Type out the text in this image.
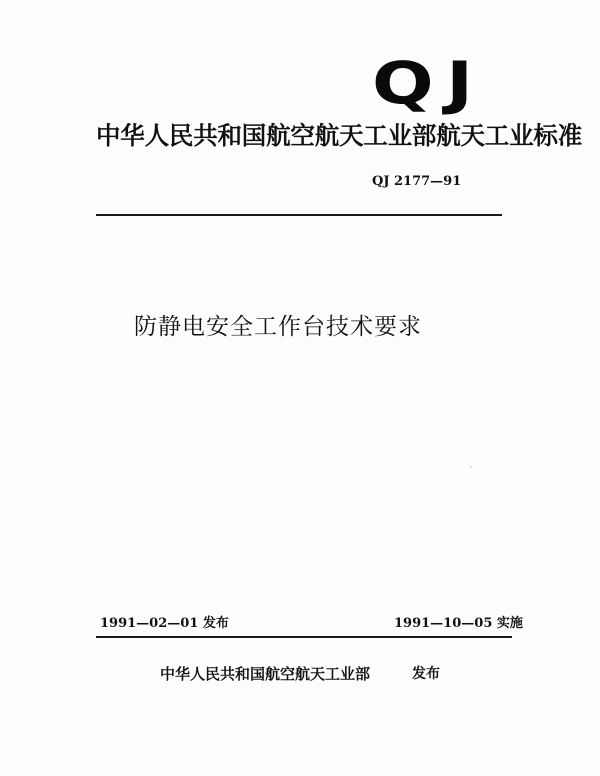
QJ
中华人民共和国航空航天工业部航天工业标准
QJ 2177—91
防静电安全工作台技术要求
1991—02—01 发布	1991—10—05 实施
中华人民共和国航空航天工业部	发布
